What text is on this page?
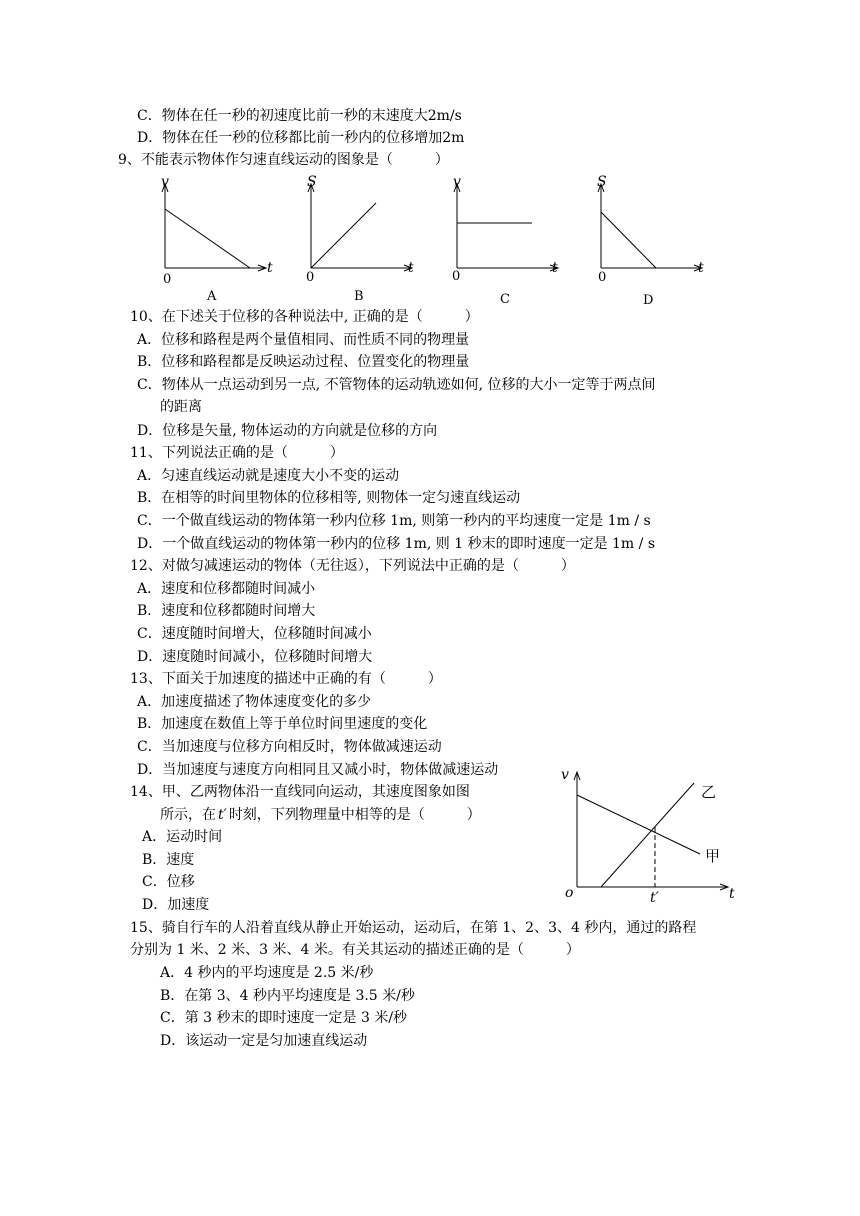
C．物体在任一秒的初速度比前一秒的末速度大2m/s
D．物体在任一秒的位移都比前一秒内的位移增加2m
9、不能表示物体作匀速直线运动的图象是（　　　）
v
t
0
A
S
t
0
B
v
t
0
C
S
t
0
D
10、在下述关于位移的各种说法中, 正确的是（　　　）
A．位移和路程是两个量值相同、而性质不同的物理量
B．位移和路程都是反映运动过程、位置变化的物理量
C．物体从一点运动到另一点, 不管物体的运动轨迹如何, 位移的大小一定等于两点间
的距离
D．位移是矢量, 物体运动的方向就是位移的方向
11、下列说法正确的是（　　　）
A．匀速直线运动就是速度大小不变的运动
B．在相等的时间里物体的位移相等, 则物体一定匀速直线运动
C．一个做直线运动的物体第一秒内位移 1m, 则第一秒内的平均速度一定是 1m / s
D．一个做直线运动的物体第一秒内的位移 1m, 则 1 秒末的即时速度一定是 1m / s
12、对做匀减速运动的物体（无往返），下列说法中正确的是（　　　）
A．速度和位移都随时间减小
B．速度和位移都随时间增大
C．速度随时间增大，位移随时间减小
D．速度随时间减小，位移随时间增大
13、下面关于加速度的描述中正确的有（　　　）
A．加速度描述了物体速度变化的多少
B．加速度在数值上等于单位时间里速度的变化
C．当加速度与位移方向相反时，物体做减速运动
D．当加速度与速度方向相同且又减小时，物体做减速运动
14、甲、乙两物体沿一直线同向运动，其速度图象如图
所示，在 t′ 时刻，下列物理量中相等的是（　　　）
A．运动时间
B．速度
C．位移
D．加速度
v
t
o	t′
乙
甲
15、骑自行车的人沿着直线从静止开始运动，运动后，在第 1、2、3、4 秒内，通过的路程
分别为 1 米、2 米、3 米、4 米。有关其运动的描述正确的是（　　　）
A．4 秒内的平均速度是 2.5 米/秒
B．在第 3、4 秒内平均速度是 3.5 米/秒
C．第 3 秒末的即时速度一定是 3 米/秒
D．该运动一定是匀加速直线运动
